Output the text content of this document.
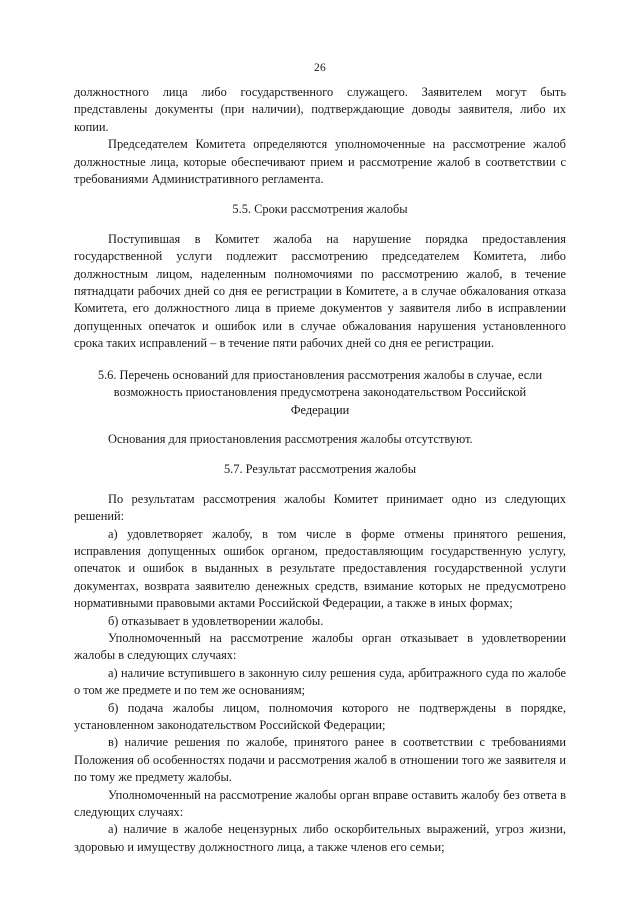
26

должностного лица либо государственного служащего. Заявителем могут быть представлены документы (при наличии), подтверждающие доводы заявителя, либо их копии.

Председателем Комитета определяются уполномоченные на рассмотрение жалоб должностные лица, которые обеспечивают прием и рассмотрение жалоб в соответствии с требованиями Административного регламента.

5.5. Сроки рассмотрения жалобы

Поступившая в Комитет жалоба на нарушение порядка предоставления государственной услуги подлежит рассмотрению председателем Комитета, либо должностным лицом, наделенным полномочиями по рассмотрению жалоб, в течение пятнадцати рабочих дней со дня ее регистрации в Комитете, а в случае обжалования отказа Комитета, его должностного лица в приеме документов у заявителя либо в исправлении допущенных опечаток и ошибок или в случае обжалования нарушения установленного срока таких исправлений – в течение пяти рабочих дней со дня ее регистрации.

5.6. Перечень оснований для приостановления рассмотрения жалобы в случае, если возможность приостановления предусмотрена законодательством Российской Федерации

Основания для приостановления рассмотрения жалобы отсутствуют.

5.7. Результат рассмотрения жалобы

По результатам рассмотрения жалобы Комитет принимает одно из следующих решений:

а) удовлетворяет жалобу, в том числе в форме отмены принятого решения, исправления допущенных ошибок органом, предоставляющим государственную услугу, опечаток и ошибок в выданных в результате предоставления государственной услуги документах, возврата заявителю денежных средств, взимание которых не предусмотрено нормативными правовыми актами Российской Федерации, а также в иных формах;

б) отказывает в удовлетворении жалобы.

Уполномоченный на рассмотрение жалобы орган отказывает в удовлетворении жалобы в следующих случаях:

а) наличие вступившего в законную силу решения суда, арбитражного суда по жалобе о том же предмете и по тем же основаниям;

б) подача жалобы лицом, полномочия которого не подтверждены в порядке, установленном законодательством Российской Федерации;

в) наличие решения по жалобе, принятого ранее в соответствии с требованиями Положения об особенностях подачи и рассмотрения жалоб в отношении того же заявителя и по тому же предмету жалобы.

Уполномоченный на рассмотрение жалобы орган вправе оставить жалобу без ответа в следующих случаях:

а) наличие в жалобе нецензурных либо оскорбительных выражений, угроз жизни, здоровью и имуществу должностного лица, а также членов его семьи;
